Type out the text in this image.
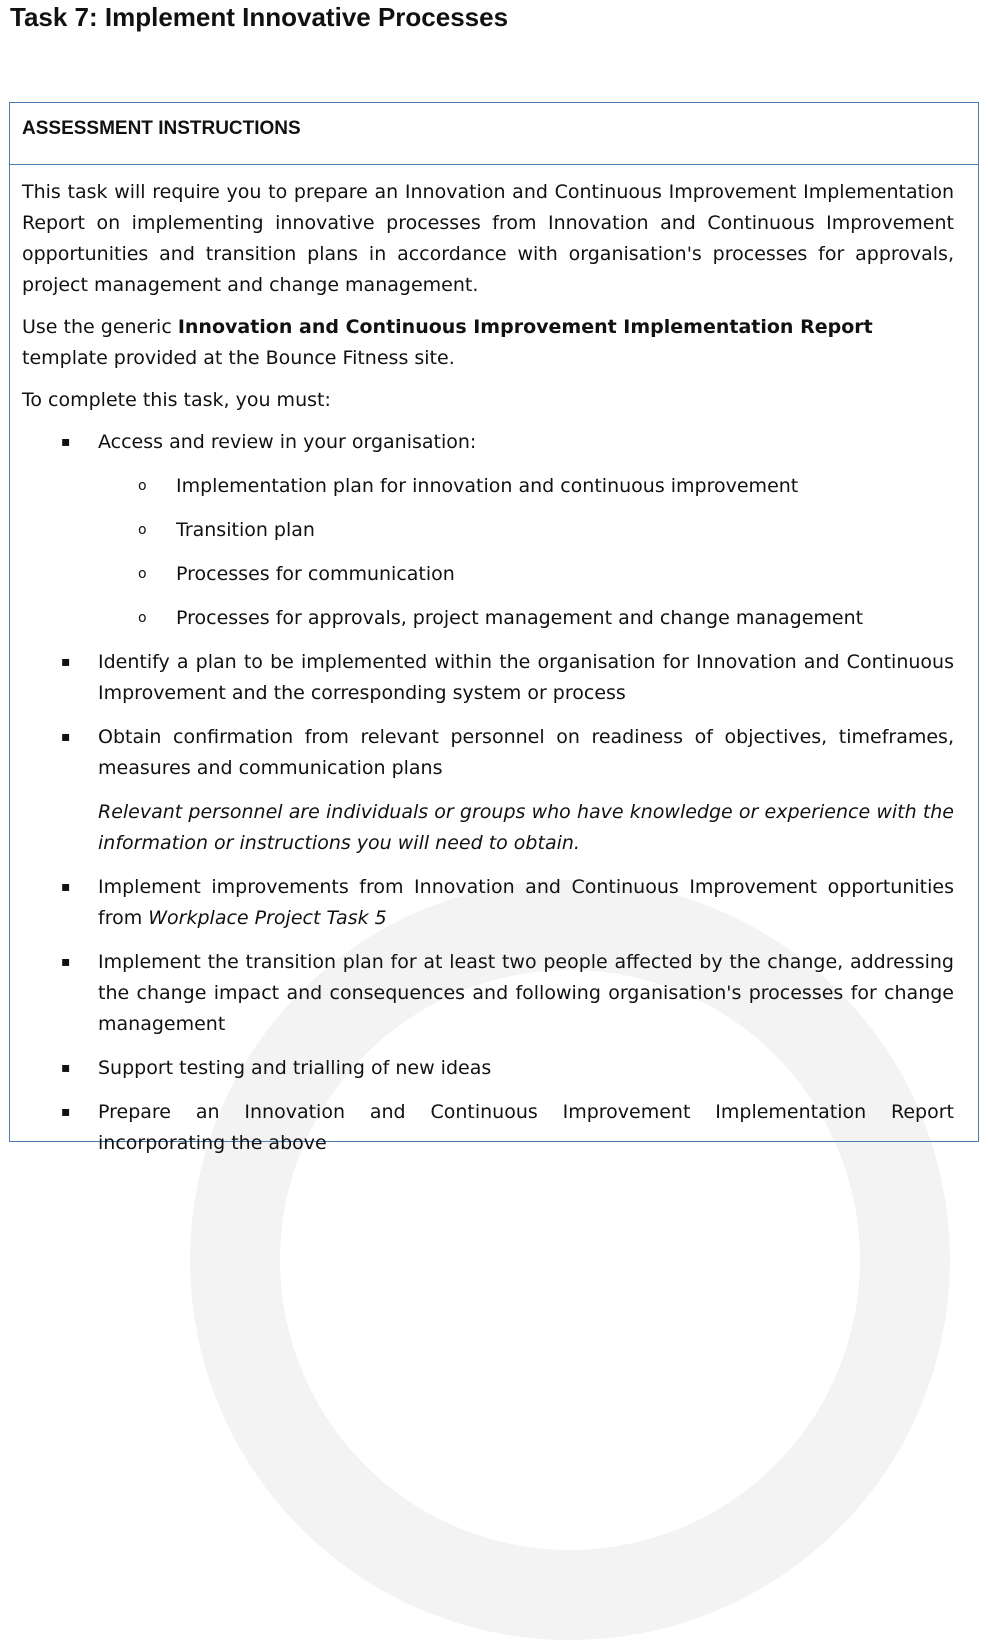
Task 7: Implement Innovative Processes
ASSESSMENT INSTRUCTIONS

This task will require you to prepare an Innovation and Continuous Improvement Implementation Report on implementing innovative processes from Innovation and Continuous Improvement opportunities and transition plans in accordance with organisation's processes for approvals, project management and change management.

Use the generic Innovation and Continuous Improvement Implementation Report template provided at the Bounce Fitness site.

To complete this task, you must:

▪ Access and review in your organisation:
o Implementation plan for innovation and continuous improvement
o Transition plan
o Processes for communication
o Processes for approvals, project management and change management
▪ Identify a plan to be implemented within the organisation for Innovation and Continuous Improvement and the corresponding system or process
▪ Obtain confirmation from relevant personnel on readiness of objectives, timeframes, measures and communication plans

Relevant personnel are individuals or groups who have knowledge or experience with the information or instructions you will need to obtain.

▪ Implement improvements from Innovation and Continuous Improvement opportunities from Workplace Project Task 5
▪ Implement the transition plan for at least two people affected by the change, addressing the change impact and consequences and following organisation's processes for change management
▪ Support testing and trialling of new ideas
▪ Prepare an Innovation and Continuous Improvement Implementation Report incorporating the above
